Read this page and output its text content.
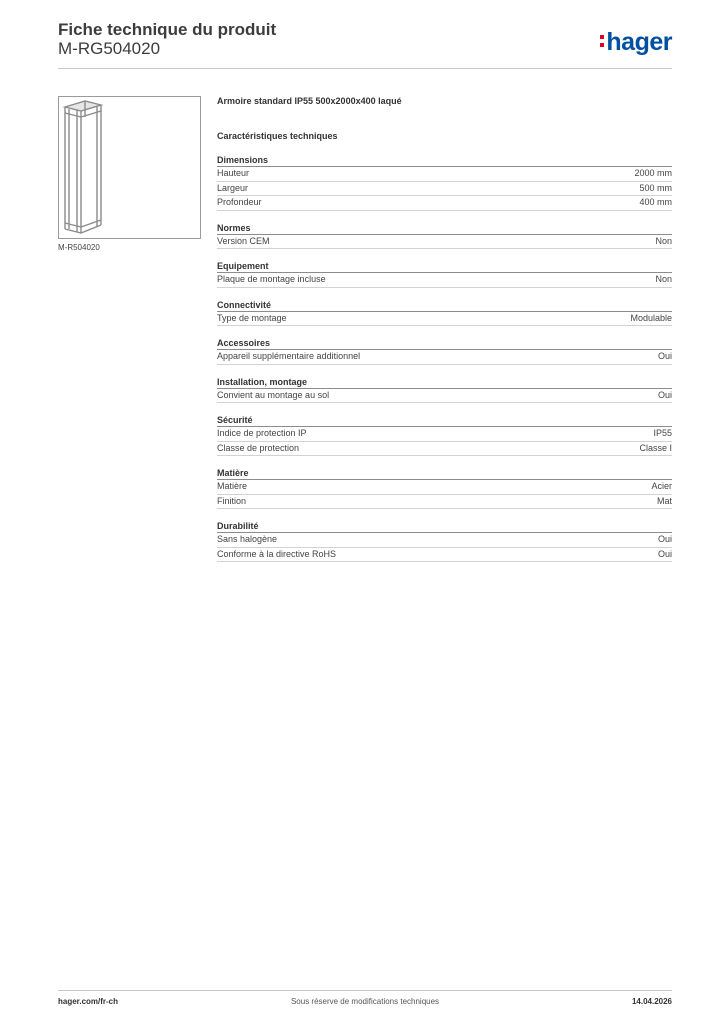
Fiche technique du produit
M-RG504020	hager
M-R504020
Armoire standard IP55 500x2000x400 laqué
Caractéristiques techniques
Dimensions
Hauteur	2000 mm
Largeur	500 mm
Profondeur	400 mm
Normes
Version CEM	Non
Equipement
Plaque de montage incluse	Non
Connectivité
Type de montage	Modulable
Accessoires
Appareil supplémentaire additionnel	Oui
Installation, montage
Convient au montage au sol	Oui
Sécurité
Indice de protection IP	IP55
Classe de protection	Classe I
Matière
Matière	Acier
Finition	Mat
Durabilité
Sans halogène	Oui
Conforme à la directive RoHS	Oui
hager.com/fr-ch	Sous réserve de modifications techniques	14.04.2026
